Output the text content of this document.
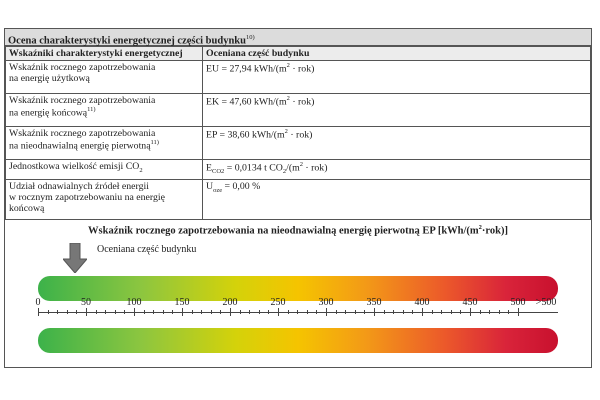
Ocena charakterystyki energetycznej części budynku$^{10)}$
Wskaźniki charakterystyki energetycznej	Oceniana część budynku
Wskaźnik rocznego zapotrzebowania
na energię użytkową	EU = 27,94 kWh/$(m^2 \cdot rok)$
Wskaźnik rocznego zapotrzebowania
na energię końcową$^{11)}$	EK = 47,60 kWh/$(m^2 \cdot rok)$
Wskaźnik rocznego zapotrzebowania
na nieodnawialną energię pierwotną$^{11)}$	EP = 38,60 kWh/$(m^2 \cdot rok)$
Jednostkowa wielkość emisji $CO_2$	$E_{CO2} = 0,0134$ t $CO_2/(m^2 \cdot rok)$
Udział odnawialnych źródeł energii
w rocznym zapotrzebowaniu na energię
końcową	$U_{oze} = 0,00$ %
Wskaźnik rocznego zapotrzebowania na nieodnawialną energię pierwotną EP $[kWh/(m^2\cdot rok)]$
Oceniana część budynku
0	50	100	150	200	250	300	350	400	450	500 >500
